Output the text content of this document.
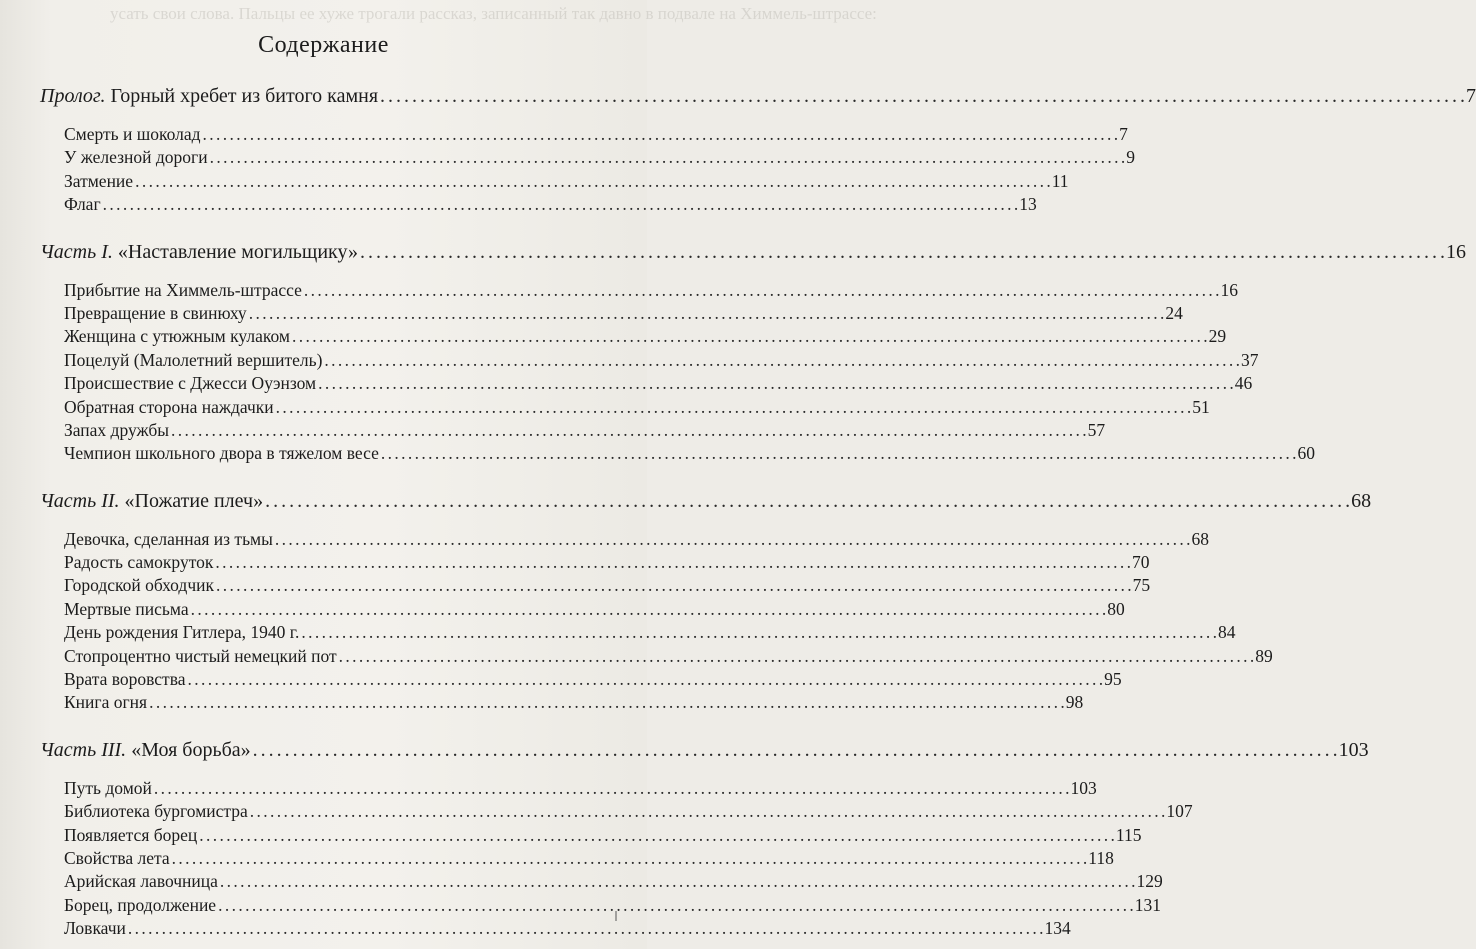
усать свои слова. Пальцы ее хуже трогали рассказ, записанный так давно в подвале на Химмель-штрассе:
Содержание
Пролог. Горный хребет из битого камня . . .	7
Смерть и шоколад . . .	7
У железной дороги . . .	9
Затмение . . .	11
Флаг . . .	13
Часть I. «Наставление могильщику» . . .	16
Прибытие на Химмель-штрассе . . .	16
Превращение в свинюху . . .	24
Женщина с утюжным кулаком . . .	29
Поцелуй (Малолетний вершитель) . . .	37
Происшествие с Джесси Оуэнзом . . .	46
Обратная сторона наждачки . . .	51
Запах дружбы . . .	57
Чемпион школьного двора в тяжелом весе . . .	60
Часть II. «Пожатие плеч» . . .	68
Девочка, сделанная из тьмы . . .	68
Радость самокруток . . .	70
Городской обходчик . . .	75
Мертвые письма . . .	80
День рождения Гитлера, 1940 г. . . .	84
Стопроцентно чистый немецкий пот . . .	89
Врата воровства . . .	95
Книга огня . . .	98
Часть III. «Моя борьба» . . .	103
Путь домой . . .	103
Библиотека бургомистра . . .	107
Появляется борец . . .	115
Свойства лета . . .	118
Арийская лавочница . . .	129
Борец, продолжение . . .	131
Ловкачи . . .	134
